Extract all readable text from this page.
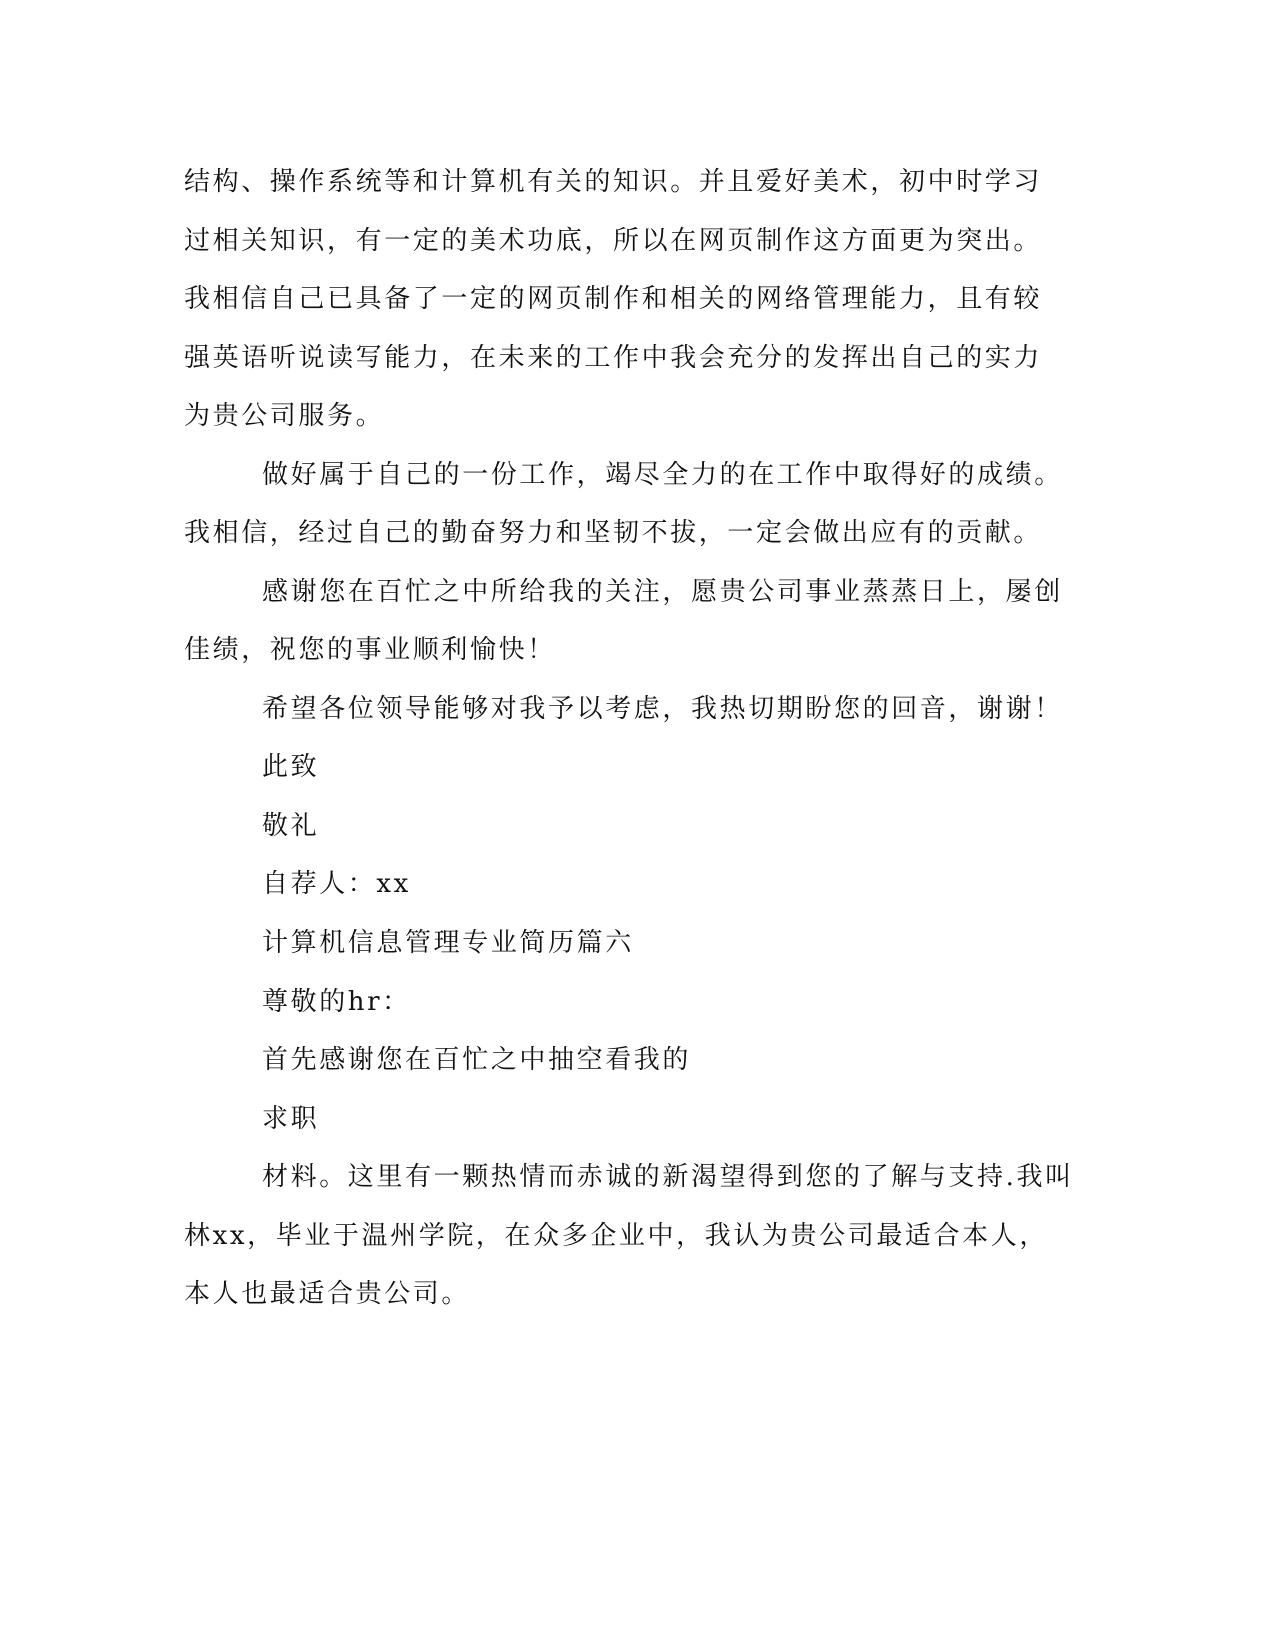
结构、操作系统等和计算机有关的知识。并且爱好美术，初中时学习
过相关知识，有一定的美术功底，所以在网页制作这方面更为突出。
我相信自己已具备了一定的网页制作和相关的网络管理能力，且有较
强英语听说读写能力，在未来的工作中我会充分的发挥出自己的实力
为贵公司服务。
做好属于自己的一份工作，竭尽全力的在工作中取得好的成绩。
我相信，经过自己的勤奋努力和坚韧不拔，一定会做出应有的贡献。
感谢您在百忙之中所给我的关注，愿贵公司事业蒸蒸日上，屡创
佳绩，祝您的事业顺利愉快！
希望各位领导能够对我予以考虑，我热切期盼您的回音，谢谢！
此致
敬礼
自荐人：xx
计算机信息管理专业简历篇六
尊敬的hr：
首先感谢您在百忙之中抽空看我的
求职
材料。这里有一颗热情而赤诚的新渴望得到您的了解与支持.我叫
林xx，毕业于温州学院，在众多企业中，我认为贵公司最适合本人，
本人也最适合贵公司。
